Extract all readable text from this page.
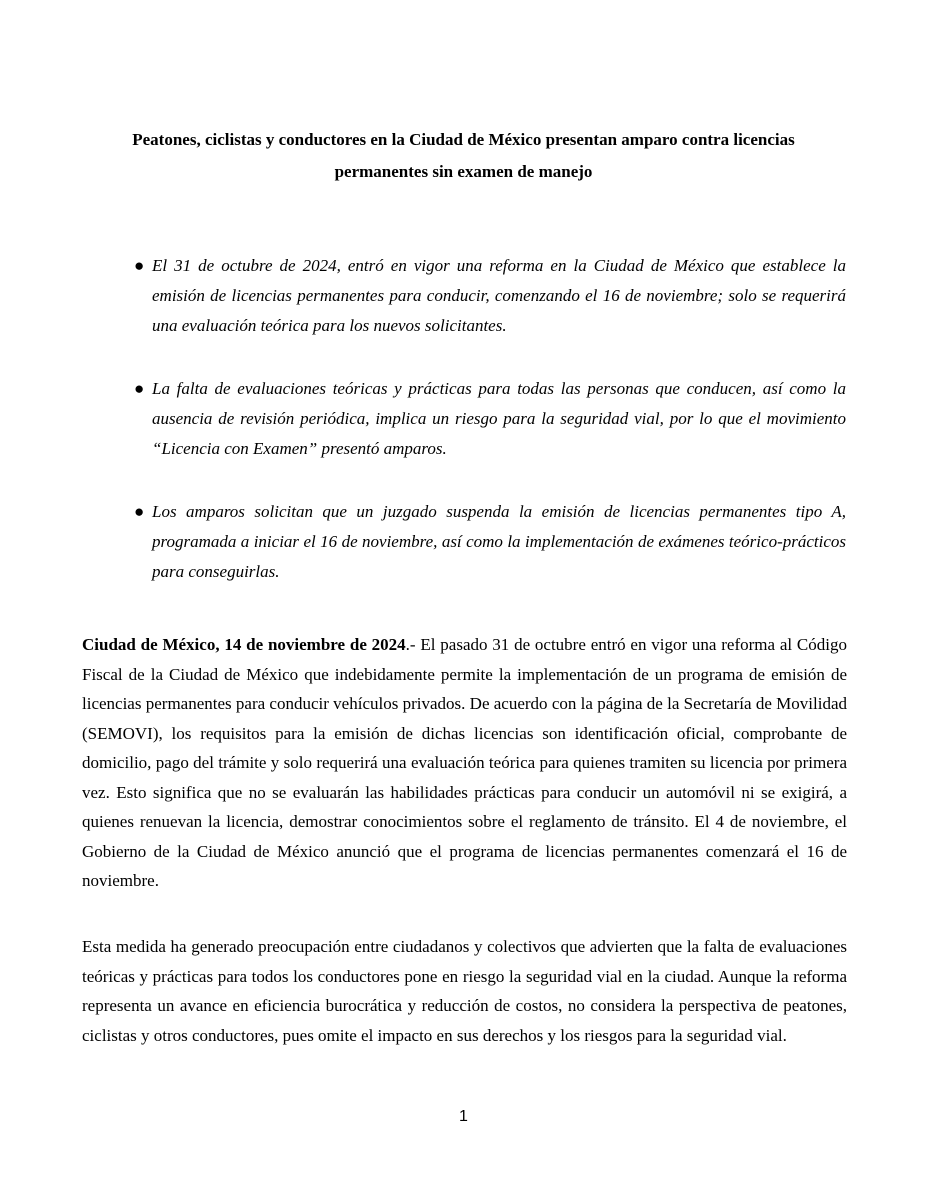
Peatones, ciclistas y conductores en la Ciudad de México presentan amparo contra licencias permanentes sin examen de manejo
● El 31 de octubre de 2024, entró en vigor una reforma en la Ciudad de México que establece la emisión de licencias permanentes para conducir, comenzando el 16 de noviembre; solo se requerirá una evaluación teórica para los nuevos solicitantes.
● La falta de evaluaciones teóricas y prácticas para todas las personas que conducen, así como la ausencia de revisión periódica, implica un riesgo para la seguridad vial, por lo que el movimiento “Licencia con Examen” presentó amparos.
● Los amparos solicitan que un juzgado suspenda la emisión de licencias permanentes tipo A, programada a iniciar el 16 de noviembre, así como la implementación de exámenes teórico-prácticos para conseguirlas.

Ciudad de México, 14 de noviembre de 2024.- El pasado 31 de octubre entró en vigor una reforma al Código Fiscal de la Ciudad de México que indebidamente permite la implementación de un programa de emisión de licencias permanentes para conducir vehículos privados. De acuerdo con la página de la Secretaría de Movilidad (SEMOVI), los requisitos para la emisión de dichas licencias son identificación oficial, comprobante de domicilio, pago del trámite y solo requerirá una evaluación teórica para quienes tramiten su licencia por primera vez. Esto significa que no se evaluarán las habilidades prácticas para conducir un automóvil ni se exigirá, a quienes renuevan la licencia, demostrar conocimientos sobre el reglamento de tránsito. El 4 de noviembre, el Gobierno de la Ciudad de México anunció que el programa de licencias permanentes comenzará el 16 de noviembre.

Esta medida ha generado preocupación entre ciudadanos y colectivos que advierten que la falta de evaluaciones teóricas y prácticas para todos los conductores pone en riesgo la seguridad vial en la ciudad. Aunque la reforma representa un avance en eficiencia burocrática y reducción de costos, no considera la perspectiva de peatones, ciclistas y otros conductores, pues omite el impacto en sus derechos y los riesgos para la seguridad vial.

1
